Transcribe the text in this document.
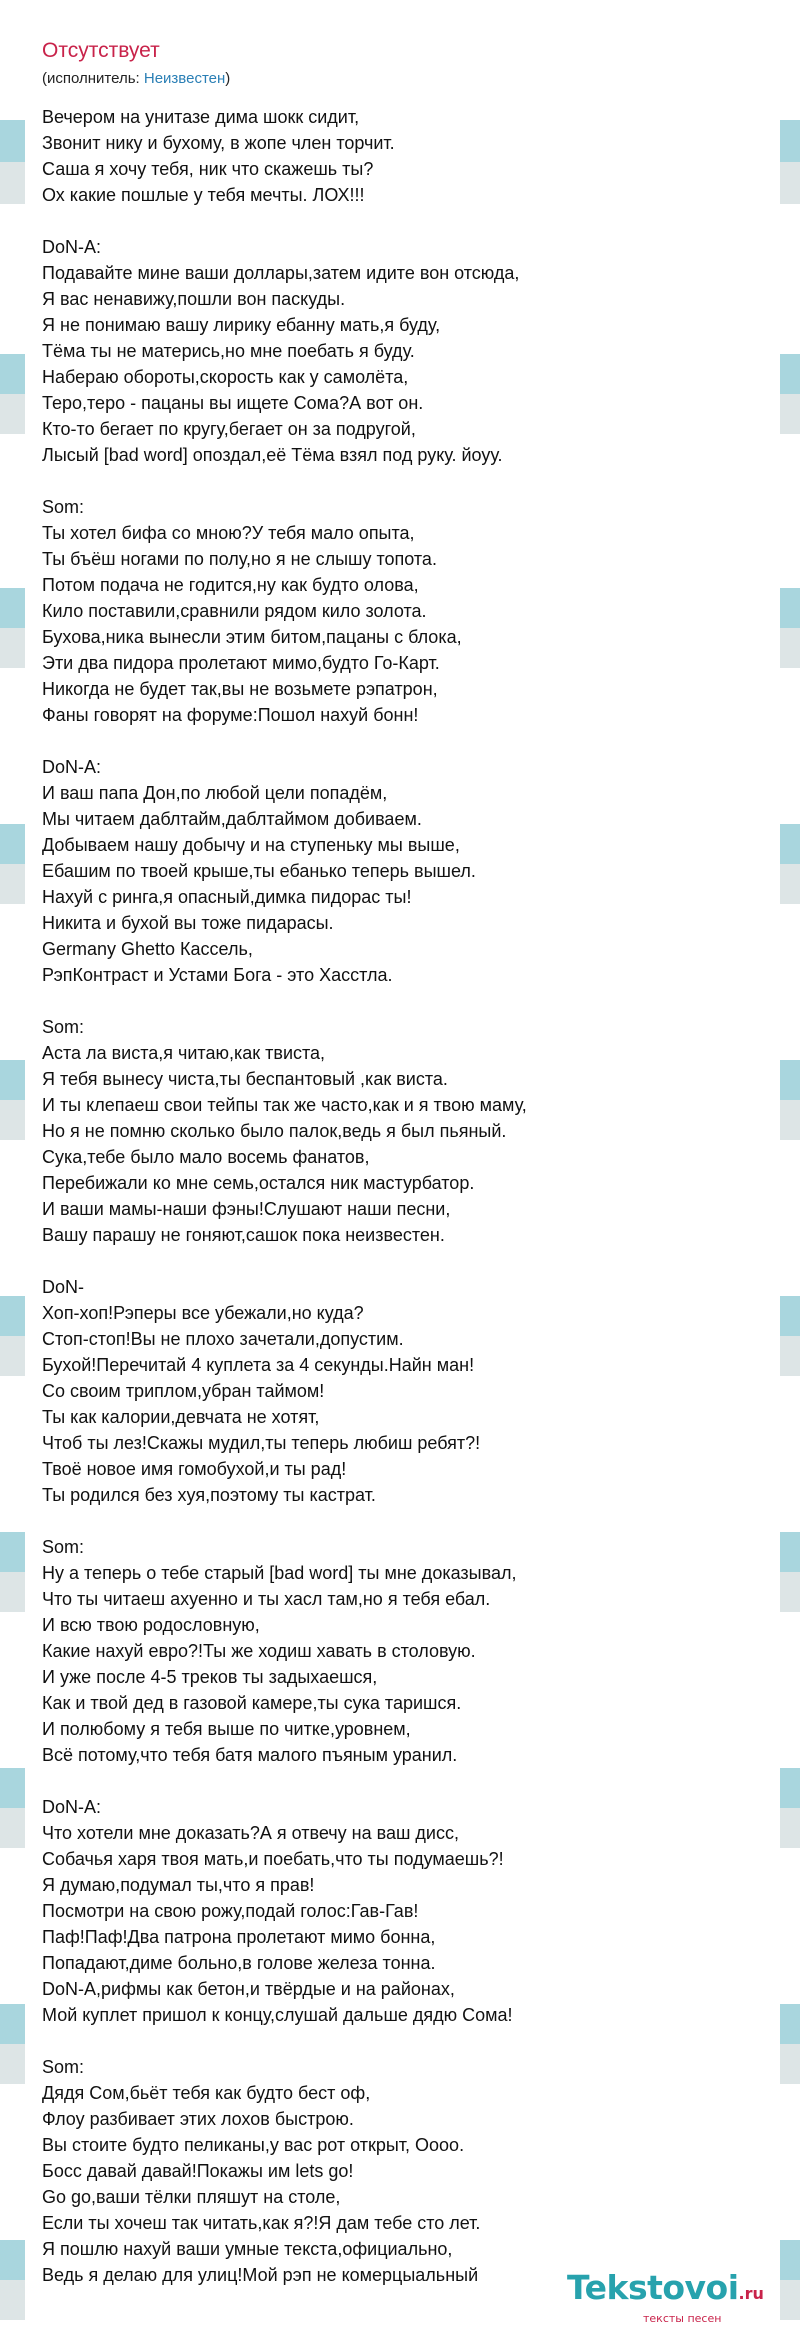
Отсутствует
(исполнитель: Неизвестен)
Вечером на унитазе дима шокк сидит,
Звонит нику и бухому, в жопе член торчит.
Саша я хочу тебя, ник что скажешь ты?
Ох какие пошлые у тебя мечты. ЛОХ!!!
DoN-A:
Подавайте мине ваши доллары,затем идите вон отсюда,
Я вас ненавижу,пошли вон паскуды.
Я не понимаю вашу лирику ебанну мать,я буду,
Тёма ты не матерись,но мне поебать я буду.
Набераю обороты,скорость как у самолёта,
Теро,теро - пацаны вы ищете Сома?А вот он.
Кто-то бегает по кругу,бегает он за подругой,
Лысый [bad word] опоздал,её Тёма взял под руку. йоуу.
Som:
Ты хотел бифа со мною?У тебя мало опыта,
Ты бъёш ногами по полу,но я не слышу топота.
Потом подача не годится,ну как будто олова,
Кило поставили,сравнили рядом кило золота.
Бухова,ника вынесли этим битом,пацаны с блока,
Эти два пидора пролетают мимо,будто Го-Карт.
Никогда не будет так,вы не возьмете рэпатрон,
Фаны говорят на форуме:Пошол нахуй бонн!
DoN-A:
И ваш папа Дон,по любой цели попадём,
Мы читаем даблтайм,даблтаймом добиваем.
Добываем нашу добычу и на ступеньку мы выше,
Ебашим по твоей крыше,ты ебанько теперь вышел.
Нахуй с ринга,я опасный,димка пидорас ты!
Никита и бухой вы тоже пидарасы.
Germany Ghetto Кассель,
РэпКонтраст и Устами Бога - это Хасстла.
Som:
Аста ла виста,я читаю,как твиста,
Я тебя вынесу чиста,ты беспантовый ,как виста.
И ты клепаеш свои тейпы так же часто,как и я твою маму,
Но я не помню сколько было палок,ведь я был пьяный.
Сука,тебе было мало восемь фанатов,
Перебижали ко мне семь,остался ник мастурбатор.
И ваши мамы-наши фэны!Слушают наши песни,
Вашу парашу не гоняют,сашок пока неизвестен.
DoN-
Хоп-хоп!Рэперы все убежали,но куда?
Стоп-стоп!Вы не плохо зачетали,допустим.
Бухой!Перечитай 4 куплета за 4 секунды.Найн ман!
Со своим триплом,убран таймом!
Ты как калории,девчата не хотят,
Чтоб ты лез!Скажы мудил,ты теперь любиш ребят?!
Твоё новое имя гомобухой,и ты рад!
Ты родился без хуя,поэтому ты кастрат.
Som:
Ну а теперь о тебе старый [bad word] ты мне доказывал,
Что ты читаеш ахуенно и ты хасл там,но я тебя ебал.
И всю твою родословную,
Какие нахуй евро?!Ты же ходиш хавать в столовую.
И уже после 4-5 треков ты задыхаешся,
Как и твой дед в газовой камере,ты сука таришся.
И полюбому я тебя выше по читке,уровнем,
Всё потому,что тебя батя малого пъяным уранил.
DoN-A:
Что хотели мне доказать?А я отвечу на ваш дисс,
Собачья харя твоя мать,и поебать,что ты подумаешь?!
Я думаю,подумал ты,что я прав!
Посмотри на свою рожу,подай голос:Гав-Гав!
Паф!Паф!Два патрона пролетают мимо бонна,
Попадают,диме больно,в голове железа тонна.
DoN-A,рифмы как бетон,и твёрдые и на районах,
Мой куплет пришол к концу,слушай дальше дядю Сома!
Som:
Дядя Сом,бьёт тебя как будто бест оф,
Флоу разбивает этих лохов быстрою.
Вы стоите будто пеликаны,у вас рот открыт, Оооо.
Босс давай давай!Покажы им lets go!
Go go,ваши тёлки пляшут на столе,
Если ты хочеш так читать,как я?!Я дам тебе сто лет.
Я пошлю нахуй ваши умные текста,официально,
Ведь я делаю для улиц!Мой рэп не комерцыальный	Tekstovoi.ru
тексты песен
